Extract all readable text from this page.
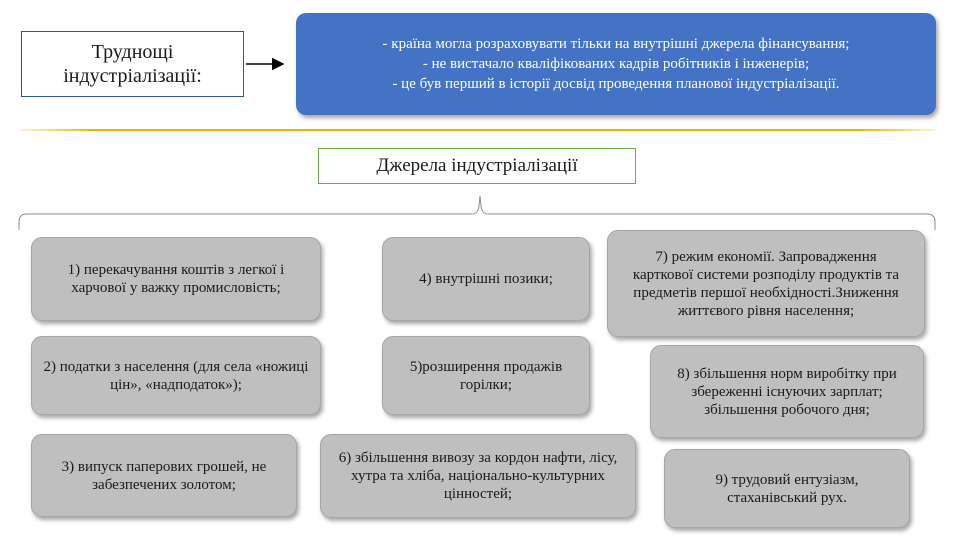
Труднощі індустріалізації:
- країна могла розраховувати тільки на внутрішні джерела фінансування;
- не вистачало кваліфікованих кадрів робітників і інженерів;
- це був перший в історії досвід проведення планової індустріалізації.
Джерела індустріалізації
1) перекачування коштів з легкої і харчової у важку промисловість;
2) податки з населення (для села «ножиці цін», «надподаток»);
3) випуск паперових грошей, не забезпечених золотом;
4) внутрішні позики;
5)розширення продажів горілки;
6) збільшення вивозу за кордон нафти, лісу, хутра та хліба, національно-культурних цінностей;
7) режим економії. Запровадження карткової системи розподілу продуктів та предметів першої необхідності.Зниження життєвого рівня населення;
8) збільшення норм виробітку при збереженні існуючих зарплат; збільшення робочого дня;
9) трудовий ентузіазм, стаханівський рух.
